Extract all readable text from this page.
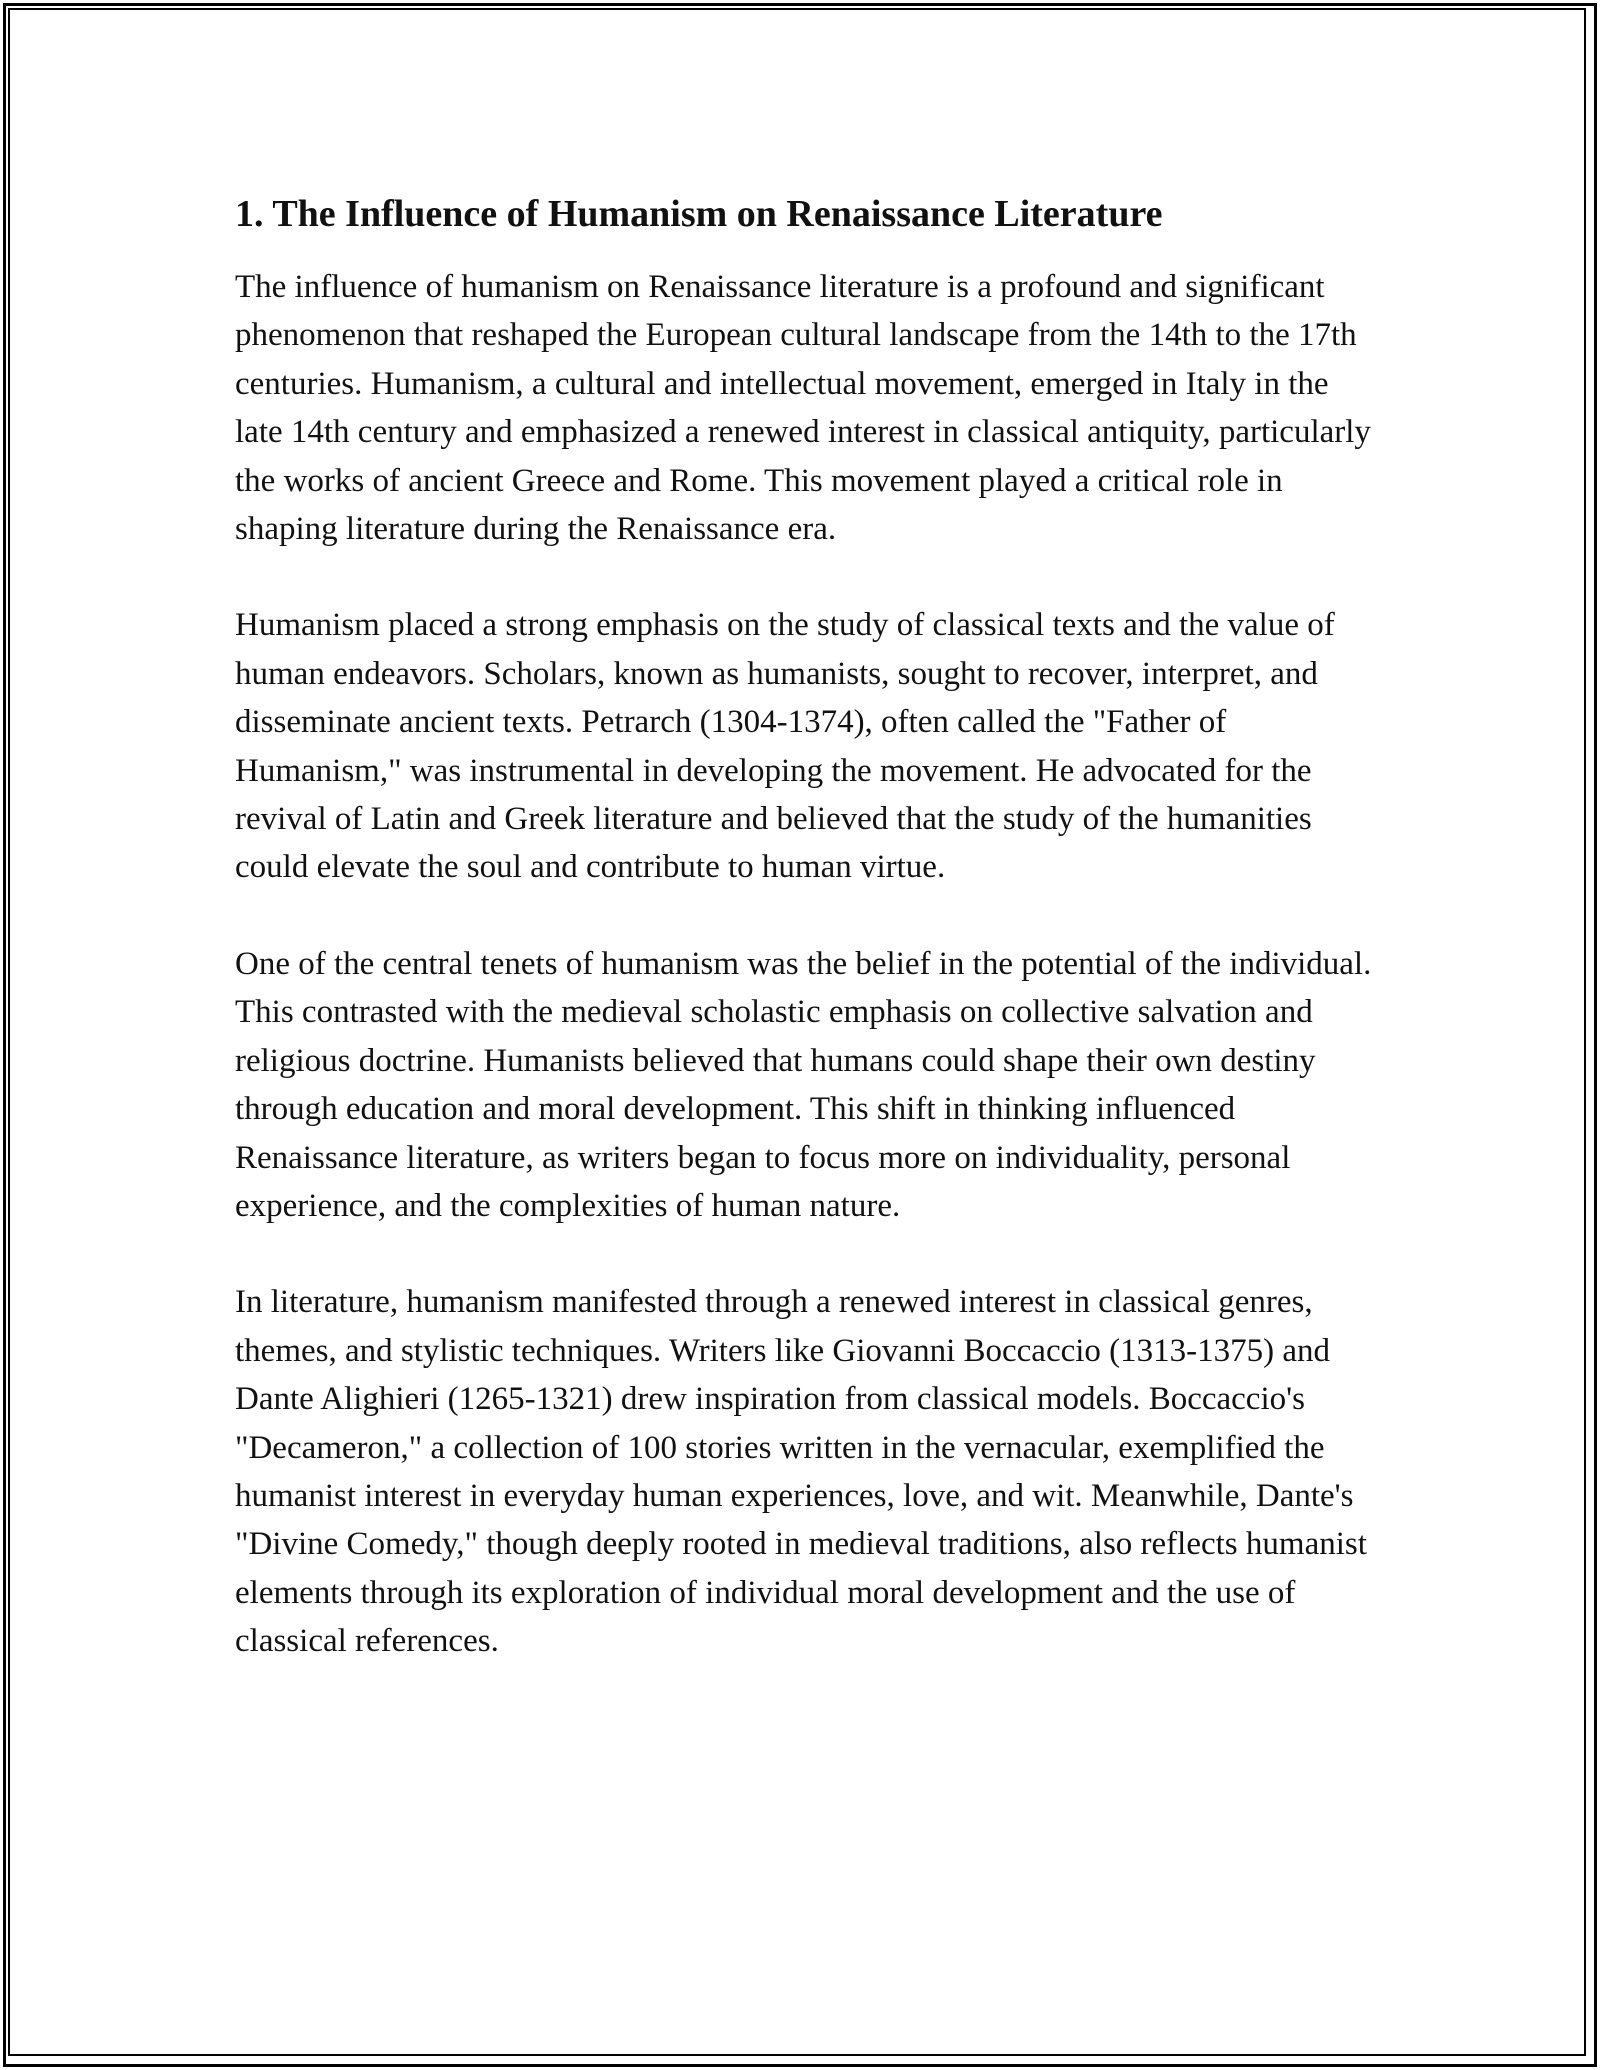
1. The Influence of Humanism on Renaissance Literature

The influence of humanism on Renaissance literature is a profound and significant phenomenon that reshaped the European cultural landscape from the 14th to the 17th centuries. Humanism, a cultural and intellectual movement, emerged in Italy in the late 14th century and emphasized a renewed interest in classical antiquity, particularly the works of ancient Greece and Rome. This movement played a critical role in shaping literature during the Renaissance era.

Humanism placed a strong emphasis on the study of classical texts and the value of human endeavors. Scholars, known as humanists, sought to recover, interpret, and disseminate ancient texts. Petrarch (1304-1374), often called the "Father of Humanism," was instrumental in developing the movement. He advocated for the revival of Latin and Greek literature and believed that the study of the humanities could elevate the soul and contribute to human virtue.

One of the central tenets of humanism was the belief in the potential of the individual. This contrasted with the medieval scholastic emphasis on collective salvation and religious doctrine. Humanists believed that humans could shape their own destiny through education and moral development. This shift in thinking influenced Renaissance literature, as writers began to focus more on individuality, personal experience, and the complexities of human nature.

In literature, humanism manifested through a renewed interest in classical genres, themes, and stylistic techniques. Writers like Giovanni Boccaccio (1313-1375) and Dante Alighieri (1265-1321) drew inspiration from classical models. Boccaccio's "Decameron," a collection of 100 stories written in the vernacular, exemplified the humanist interest in everyday human experiences, love, and wit. Meanwhile, Dante's "Divine Comedy," though deeply rooted in medieval traditions, also reflects humanist elements through its exploration of individual moral development and the use of classical references.
